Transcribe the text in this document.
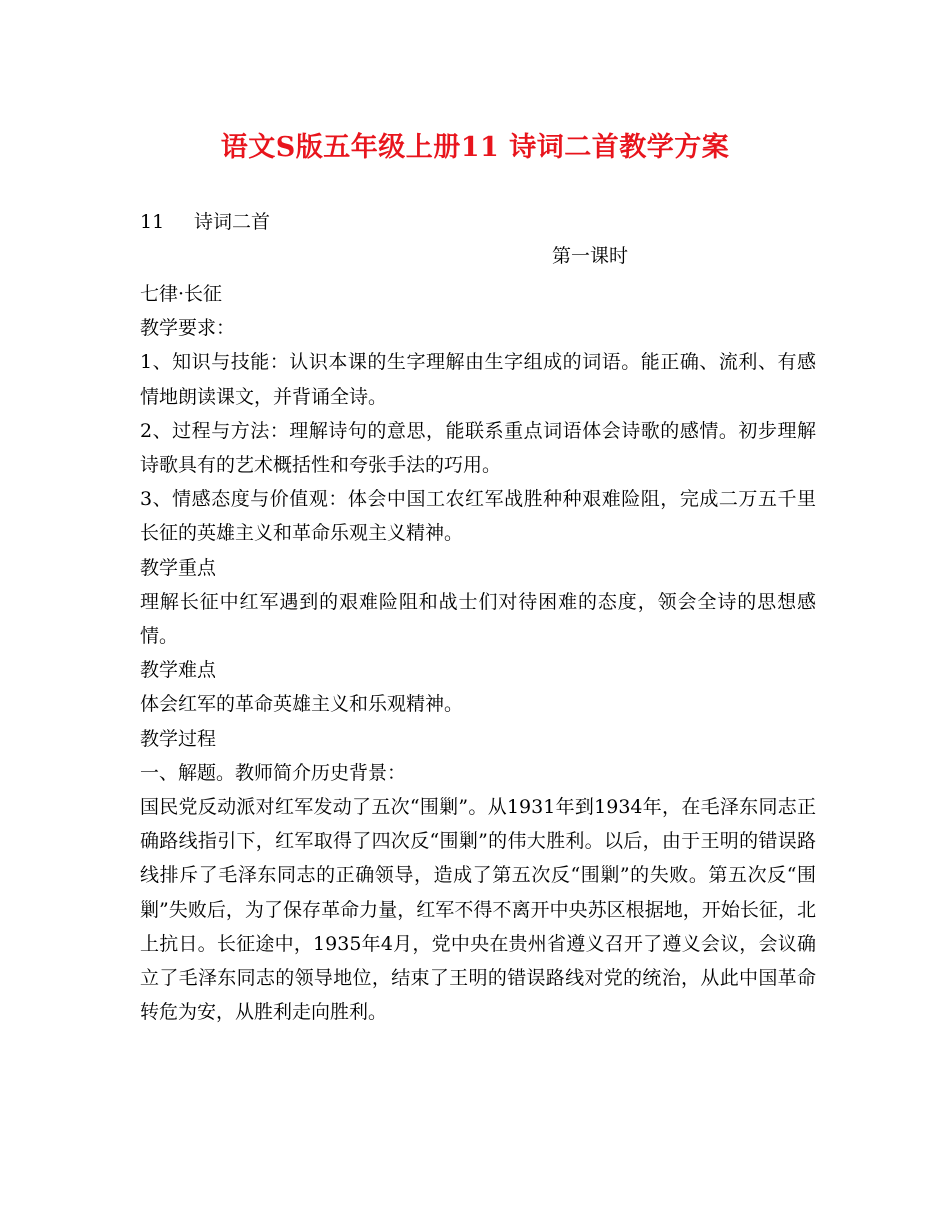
语文S版五年级上册11 诗词二首教学方案
11 诗词二首
第一课时

七律·长征

教学要求：

1、知识与技能：认识本课的生字理解由生字组成的词语。能正确、流利、有感情地朗读课文，并背诵全诗。

2、过程与方法：理解诗句的意思，能联系重点词语体会诗歌的感情。初步理解诗歌具有的艺术概括性和夸张手法的巧用。

3、情感态度与价值观：体会中国工农红军战胜种种艰难险阻，完成二万五千里长征的英雄主义和革命乐观主义精神。

教学重点

理解长征中红军遇到的艰难险阻和战士们对待困难的态度，领会全诗的思想感情。

教学难点

体会红军的革命英雄主义和乐观精神。

教学过程

一、解题。教师简介历史背景：

国民党反动派对红军发动了五次“围剿”。从1931年到1934年，在毛泽东同志正确路线指引下，红军取得了四次反“围剿”的伟大胜利。以后，由于王明的错误路线排斥了毛泽东同志的正确领导，造成了第五次反“围剿”的失败。第五次反“围剿”失败后，为了保存革命力量，红军不得不离开中央苏区根据地，开始长征，北上抗日。长征途中，1935年4月，党中央在贵州省遵义召开了遵义会议，会议确立了毛泽东同志的领导地位，结束了王明的错误路线对党的统治，从此中国革命转危为安，从胜利走向胜利。
